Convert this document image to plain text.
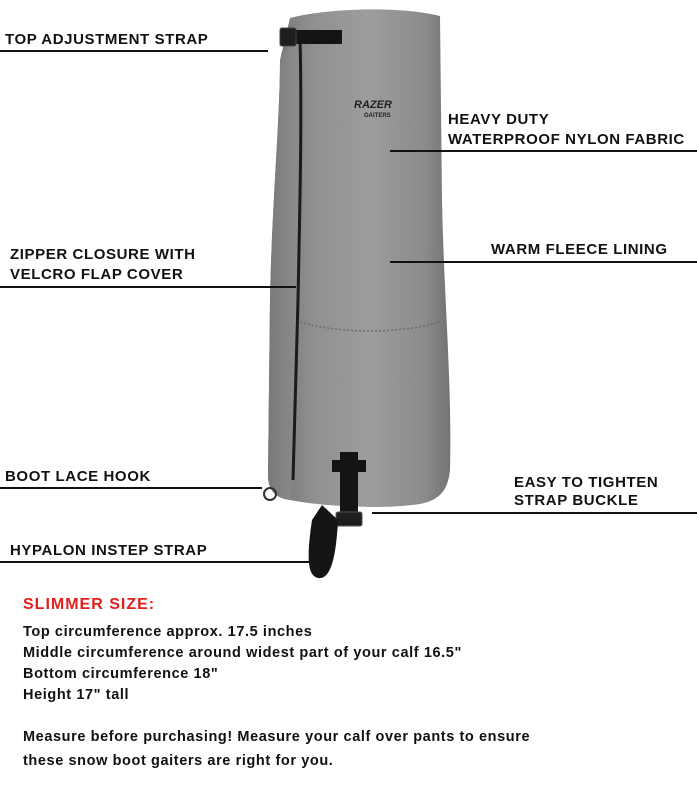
RAZER
GAITERS
TOP ADJUSTMENT STRAP
HEAVY DUTY
WATERPROOF NYLON FABRIC
ZIPPER CLOSURE WITH
VELCRO FLAP COVER
WARM FLEECE LINING
BOOT LACE HOOK	EASY TO TIGHTEN
STRAP BUCKLE
HYPALON INSTEP STRAP
SLIMMER SIZE:
Top circumference approx. 17.5 inches
Middle circumference around widest part of your calf 16.5"
Bottom circumference 18"
Height 17" tall
Measure before purchasing! Measure your calf over pants to ensure
these snow boot gaiters are right for you.
